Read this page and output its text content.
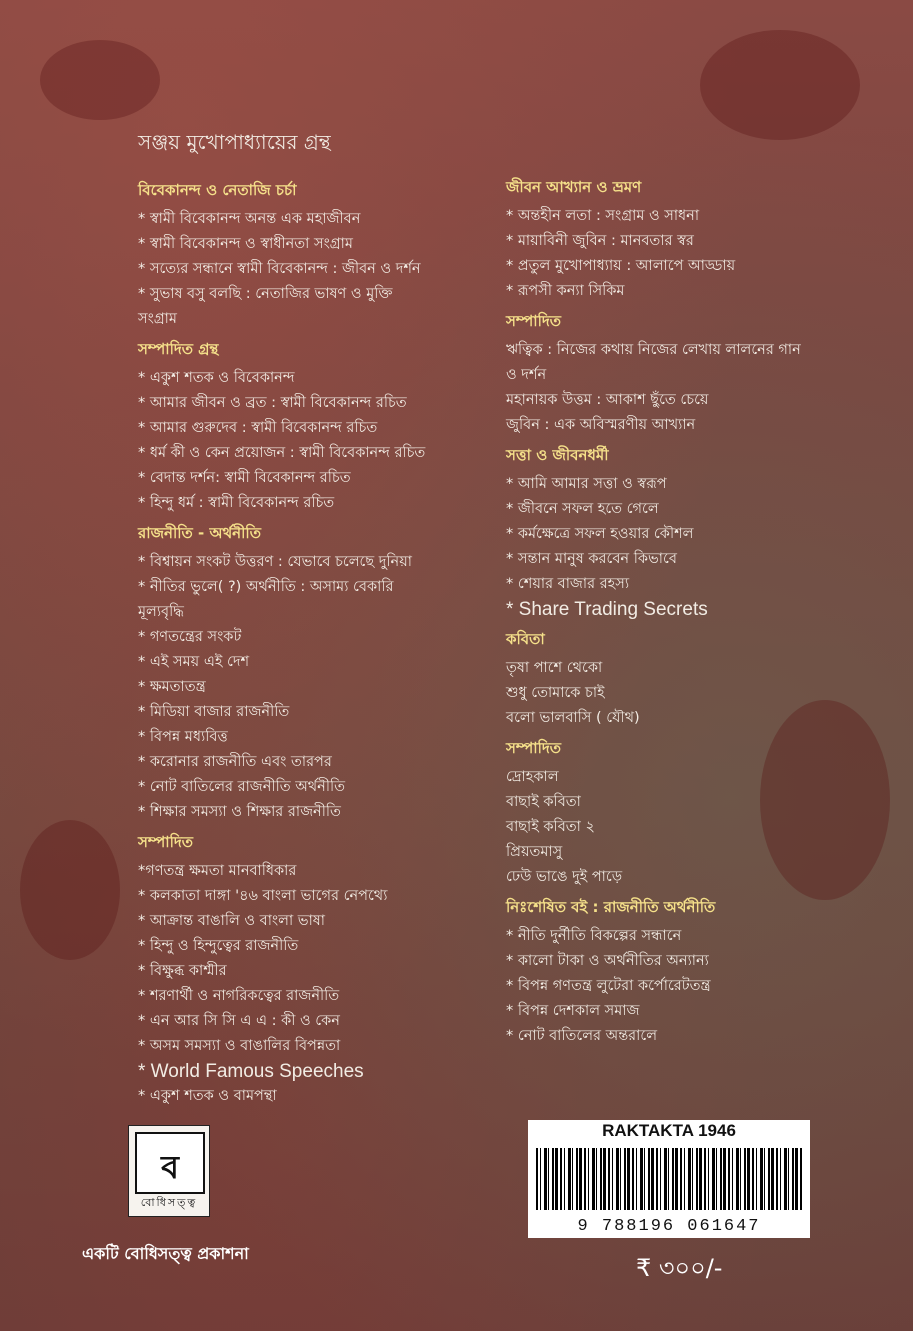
সঞ্জয় মুখোপাধ্যায়ের গ্রন্থ
বিবেকানন্দ ও নেতাজি চর্চা
* স্বামী বিবেকানন্দ অনন্ত এক মহাজীবন
* স্বামী বিবেকানন্দ ও স্বাধীনতা সংগ্রাম
* সত্যের সন্ধানে স্বামী বিবেকানন্দ : জীবন ও দর্শন
* সুভাষ বসু বলছি : নেতাজির ভাষণ ও মুক্তি
সংগ্রাম
সম্পাদিত গ্রন্থ
* একুশ শতক ও বিবেকানন্দ
* আমার জীবন ও ব্রত : স্বামী বিবেকানন্দ রচিত
* আমার গুরুদেব : স্বামী বিবেকানন্দ রচিত
* ধর্ম কী ও কেন প্রয়োজন : স্বামী বিবেকানন্দ রচিত
* বেদান্ত দর্শন: স্বামী বিবেকানন্দ রচিত
* হিন্দু ধর্ম : স্বামী বিবেকানন্দ রচিত
রাজনীতি - অর্থনীতি
* বিশ্বায়ন সংকট উত্তরণ : যেভাবে চলেছে দুনিয়া
* নীতির ভুলে( ?) অর্থনীতি : অসাম্য বেকারি
মূল্যবৃদ্ধি
* গণতন্ত্রের সংকট
* এই সময় এই দেশ
* ক্ষমতাতন্ত্র
* মিডিয়া বাজার রাজনীতি
* বিপন্ন মধ্যবিত্ত
* করোনার রাজনীতি এবং তারপর
* নোট বাতিলের রাজনীতি অর্থনীতি
* শিক্ষার সমস্যা ও শিক্ষার রাজনীতি
সম্পাদিত
*গণতন্ত্র ক্ষমতা মানবাধিকার
* কলকাতা দাঙ্গা '৪৬ বাংলা ভাগের নেপথ্যে
* আক্রান্ত বাঙালি ও বাংলা ভাষা
* হিন্দু ও হিন্দুত্বের রাজনীতি
* বিক্ষুব্ধ কাশ্মীর
* শরণার্থী ও নাগরিকত্বের রাজনীতি
* এন আর সি সি এ এ : কী ও কেন
* অসম সমস্যা ও বাঙালির বিপন্নতা
* World Famous Speeches
* একুশ শতক ও বামপন্থা
জীবন আখ্যান ও ভ্রমণ
* অন্তহীন লতা : সংগ্রাম ও সাধনা
* মায়াবিনী জুবিন : মানবতার স্বর
* প্রতুল মুখোপাধ্যায় : আলাপে আড্ডায়
* রূপসী কন্যা সিকিম
সম্পাদিত
ঋত্বিক : নিজের কথায় নিজের লেখায় লালনের গান
ও দর্শন
মহানায়ক উত্তম : আকাশ ছুঁতে চেয়ে
জুবিন : এক অবিস্মরণীয় আখ্যান
সত্তা ও জীবনধর্মী
* আমি আমার সত্তা ও স্বরূপ
* জীবনে সফল হতে গেলে
* কর্মক্ষেত্রে সফল হওয়ার কৌশল
* সন্তান মানুষ করবেন কিভাবে
* শেয়ার বাজার রহস্য
* Share Trading Secrets
কবিতা
তৃষা পাশে থেকো
শুধু তোমাকে চাই
বলো ভালবাসি ( যৌথ)
সম্পাদিত
দ্রোহকাল
বাছাই কবিতা
বাছাই কবিতা ২
প্রিয়তমাসু
ঢেউ ভাঙে দুই পাড়ে
নিঃশেষিত বই : রাজনীতি অর্থনীতি
* নীতি দুর্নীতি বিকল্পের সন্ধানে
* কালো টাকা ও অর্থনীতির অন্যান্য
* বিপন্ন গণতন্ত্র লুটেরা কর্পোরেটতন্ত্র
* বিপন্ন দেশকাল সমাজ
* নোট বাতিলের অন্তরালে
ব
বোধিসত্ত্ব
একটি বোধিসত্ত্ব প্রকাশনা
RAKTAKTA 1946
9 788196 061647
₹ ৩০০/-
